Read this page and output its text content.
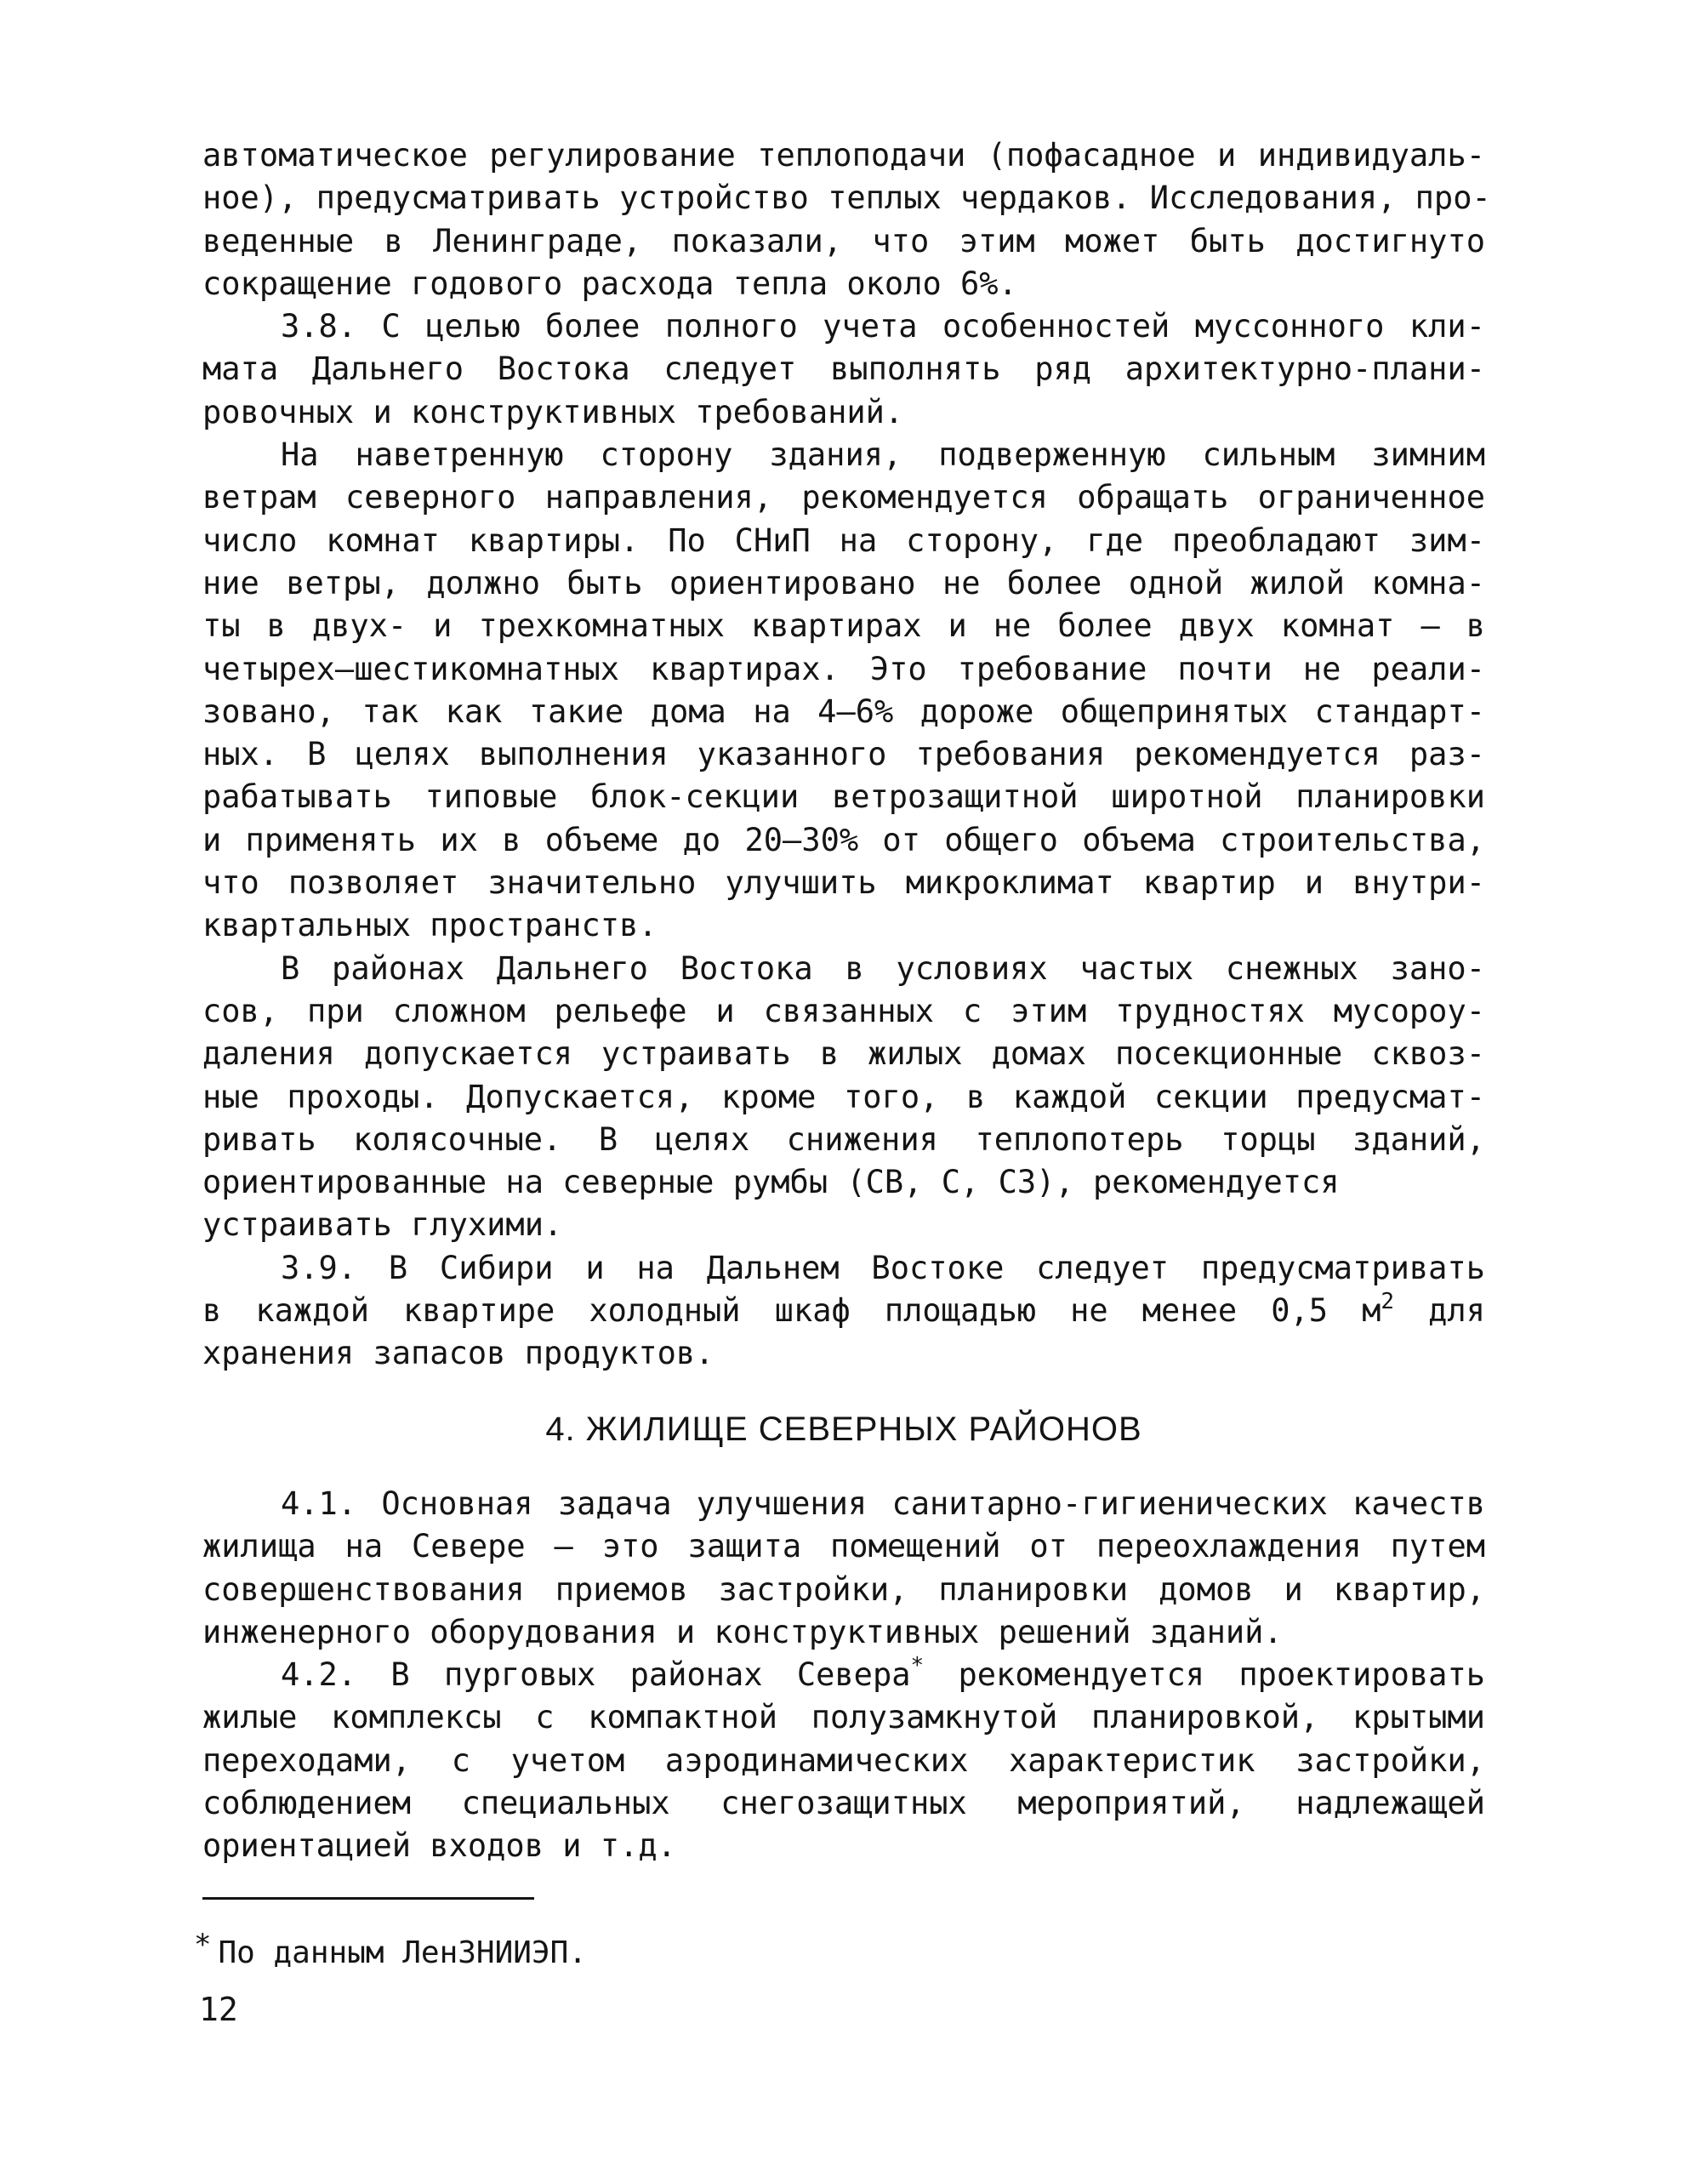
автоматическое регулирование теплоподачи (пофасадное и индивидуаль-
ное), предусматривать устройство теплых чердаков. Исследования, про-
веденные в Ленинграде, показали, что этим может быть достигнуто
сокращение годового расхода тепла около 6%.
3.8. С целью более полного учета особенностей муссонного кли-
мата Дальнего Востока следует выполнять ряд архитектурно-плани-
ровочных и конструктивных требований.
На наветренную сторону здания, подверженную сильным зимним
ветрам северного направления, рекомендуется обращать ограниченное
число комнат квартиры. По СНиП на сторону, где преобладают зим-
ние ветры, должно быть ориентировано не более одной жилой комна-
ты в двух- и трехкомнатных квартирах и не более двух комнат – в
четырех–шестикомнатных квартирах. Это требование почти не реали-
зовано, так как такие дома на 4–6% дороже общепринятых стандарт-
ных. В целях выполнения указанного требования рекомендуется раз-
рабатывать типовые блок-секции ветрозащитной широтной планировки
и применять их в объеме до 20–30% от общего объема строительства,
что позволяет значительно улучшить микроклимат квартир и внутри-
квартальных пространств.
В районах Дальнего Востока в условиях частых снежных зано-
сов, при сложном рельефе и связанных с этим трудностях мусороу-
даления допускается устраивать в жилых домах посекционные сквоз-
ные проходы. Допускается, кроме того, в каждой секции предусмат-
ривать колясочные. В целях снижения теплопотерь торцы зданий,
ориентированные на северные румбы (СВ, С, СЗ), рекомендуется
устраивать глухими.
3.9. В Сибири и на Дальнем Востоке следует предусматривать
в каждой квартире холодный шкаф площадью не менее 0,5 $м^2$ для
хранения запасов продуктов.
4. ЖИЛИЩЕ СЕВЕРНЫХ РАЙОНОВ
4.1. Основная задача улучшения санитарно-гигиенических качеств
жилища на Севере – это защита помещений от переохлаждения путем
совершенствования приемов застройки, планировки домов и квартир,
инженерного оборудования и конструктивных решений зданий.
4.2. В пурговых районах Севера* рекомендуется проектировать
жилые комплексы с компактной полузамкнутой планировкой, крытыми
переходами, с учетом аэродинамических характеристик застройки,
соблюдением специальных снегозащитных мероприятий, надлежащей
ориентацией входов и т.д.
* По данным ЛенЗНИИЭП.
12
